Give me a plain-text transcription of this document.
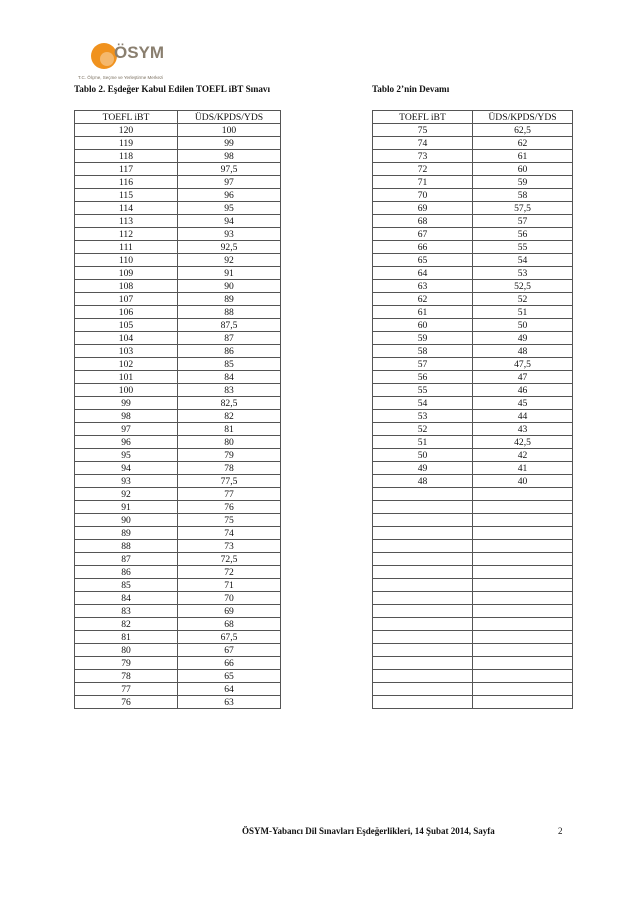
ÖSYM
T.C. Ölçme, Seçme ve Yerleştirme Merkezi
Tablo 2. Eşdeğer Kabul Edilen TOEFL iBT Sınavı	Tablo 2’nin Devamı
TOEFL iBT	ÜDS/KPDS/YDS
120	100
119	99
118	98
117	97,5
116	97
115	96
114	95
113	94
112	93
111	92,5
110	92
109	91
108	90
107	89
106	88
105	87,5
104	87
103	86
102	85
101	84
100	83
99	82,5
98	82
97	81
96	80
95	79
94	78
93	77,5
92	77
91	76
90	75
89	74
88	73
87	72,5
86	72
85	71
84	70
83	69
82	68
81	67,5
80	67
79	66
78	65
77	64
76	63
TOEFL iBT	ÜDS/KPDS/YDS
75	62,5
74	62
73	61
72	60
71	59
70	58
69	57,5
68	57
67	56
66	55
65	54
64	53
63	52,5
62	52
61	51
60	50
59	49
58	48
57	47,5
56	47
55	46
54	45
53	44
52	43
51	42,5
50	42
49	41
48	40

ÖSYM-Yabancı Dil Sınavları Eşdeğerlikleri, 14 Şubat 2014, Sayfa	2
